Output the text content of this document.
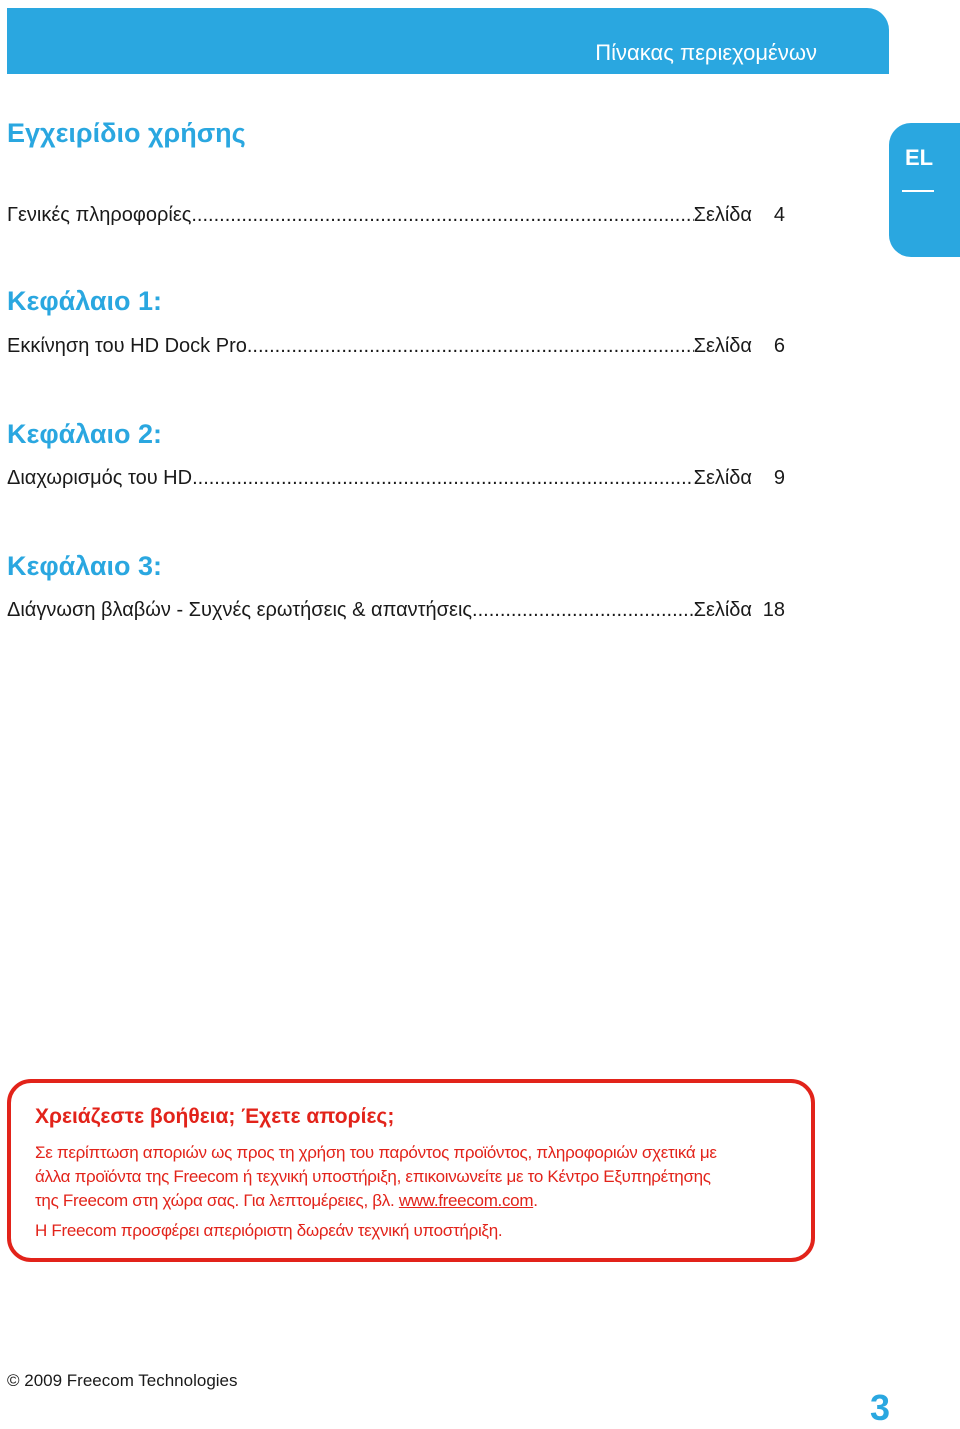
Πίνακας περιεχομένων
EL
Εγχειρίδιο χρήσης
Γενικές πληροφορίες .....	Σελίδα 4
Κεφάλαιο 1:
Εκκίνηση του HD Dock Pro .....	Σελίδα 6
Κεφάλαιο 2:
Διαχωρισμός του HD .....	Σελίδα 9
Κεφάλαιο 3:
Διάγνωση βλαβών - Συχνές ερωτήσεις & απαντήσεις .....	Σελίδα 18
Χρειάζεστε βοήθεια; Έχετε απορίες;

Σε περίπτωση αποριών ως προς τη χρήση του παρόντος προϊόντος, πληροφοριών σχετικά με

άλλα προϊόντα της Freecom ή τεχνική υποστήριξη, επικοινωνείτε με το Κέντρο Εξυπηρέτησης

της Freecom στη χώρα σας. Για λεπτομέρειες, βλ. www.freecom.com.

Η Freecom προσφέρει απεριόριστη δωρεάν τεχνική υποστήριξη.

© 2009 Freecom Technologies
3
